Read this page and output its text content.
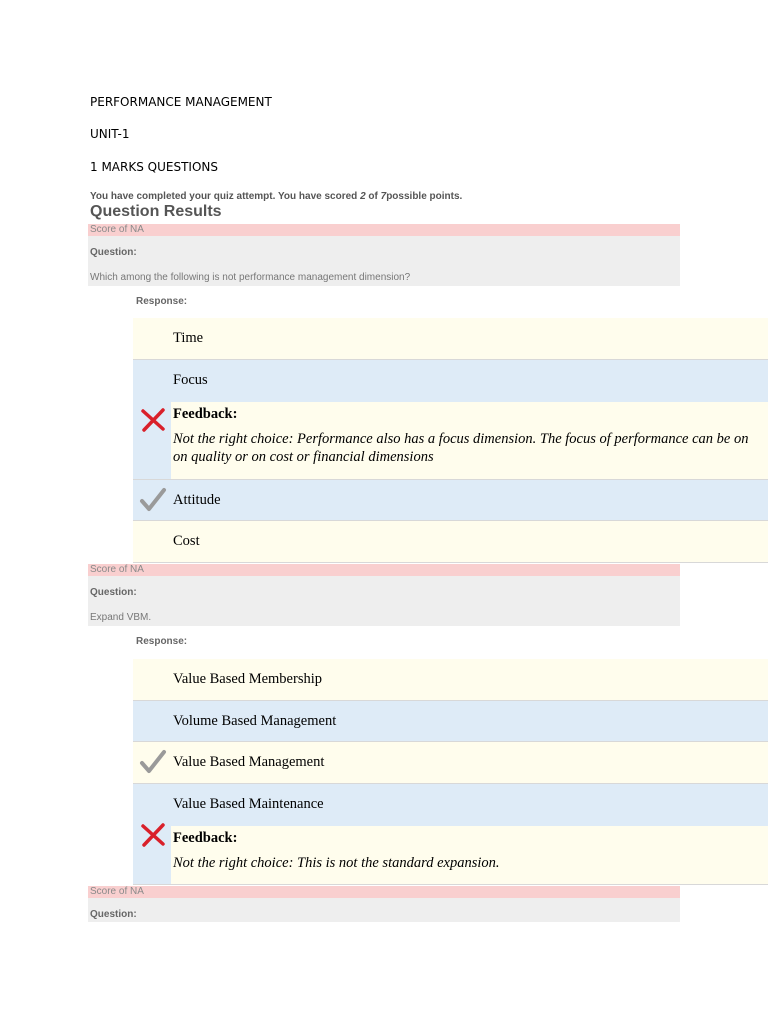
PERFORMANCE MANAGEMENT
UNIT-1
1 MARKS QUESTIONS
You have completed your quiz attempt. You have scored 2 of 7possible points.
Question Results
Score of NA
Question:
Which among the following is not performance management dimension?
Response:
Time
Focus
Feedback:
Not the right choice: Performance also has a focus dimension. The focus of performance can be on
on quality or on cost or financial dimensions
Attitude
Cost
Score of NA
Question:
Expand VBM.
Response:
Value Based Membership
Volume Based Management
Value Based Management
Value Based Maintenance
Feedback:
Not the right choice: This is not the standard expansion.
Score of NA
Question:
